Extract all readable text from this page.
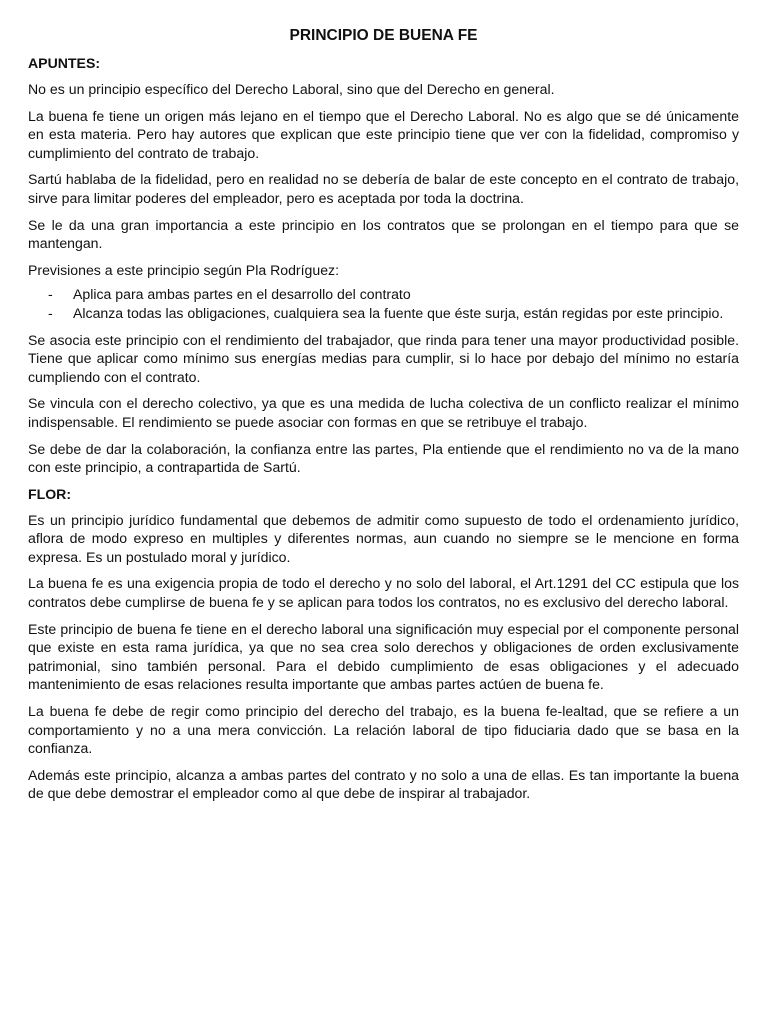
PRINCIPIO DE BUENA FE
APUNTES:

No es un principio específico del Derecho Laboral, sino que del Derecho en general.

La buena fe tiene un origen más lejano en el tiempo que el Derecho Laboral. No es algo que se dé únicamente en esta materia. Pero hay autores que explican que este principio tiene que ver con la fidelidad, compromiso y cumplimiento del contrato de trabajo.

Sartú hablaba de la fidelidad, pero en realidad no se debería de balar de este concepto en el contrato de trabajo, sirve para limitar poderes del empleador, pero es aceptada por toda la doctrina.

Se le da una gran importancia a este principio en los contratos que se prolongan en el tiempo para que se mantengan.

Previsiones a este principio según Pla Rodríguez:

- Aplica para ambas partes en el desarrollo del contrato
- Alcanza todas las obligaciones, cualquiera sea la fuente que éste surja, están regidas por este principio.

Se asocia este principio con el rendimiento del trabajador, que rinda para tener una mayor productividad posible. Tiene que aplicar como mínimo sus energías medias para cumplir, si lo hace por debajo del mínimo no estaría cumpliendo con el contrato.

Se vincula con el derecho colectivo, ya que es una medida de lucha colectiva de un conflicto realizar el mínimo indispensable. El rendimiento se puede asociar con formas en que se retribuye el trabajo.

Se debe de dar la colaboración, la confianza entre las partes, Pla entiende que el rendimiento no va de la mano con este principio, a contrapartida de Sartú.

FLOR:

Es un principio jurídico fundamental que debemos de admitir como supuesto de todo el ordenamiento jurídico, aflora de modo expreso en multiples y diferentes normas, aun cuando no siempre se le mencione en forma expresa. Es un postulado moral y jurídico.

La buena fe es una exigencia propia de todo el derecho y no solo del laboral, el Art.1291 del CC estipula que los contratos debe cumplirse de buena fe y se aplican para todos los contratos, no es exclusivo del derecho laboral.

Este principio de buena fe tiene en el derecho laboral una significación muy especial por el componente personal que existe en esta rama jurídica, ya que no sea crea solo derechos y obligaciones de orden exclusivamente patrimonial, sino también personal. Para el debido cumplimiento de esas obligaciones y el adecuado mantenimiento de esas relaciones resulta importante que ambas partes actúen de buena fe.

La buena fe debe de regir como principio del derecho del trabajo, es la buena fe-lealtad, que se refiere a un comportamiento y no a una mera convicción. La relación laboral de tipo fiduciaria dado que se basa en la confianza.

Además este principio, alcanza a ambas partes del contrato y no solo a una de ellas. Es tan importante la buena de que debe demostrar el empleador como al que debe de inspirar al trabajador.
